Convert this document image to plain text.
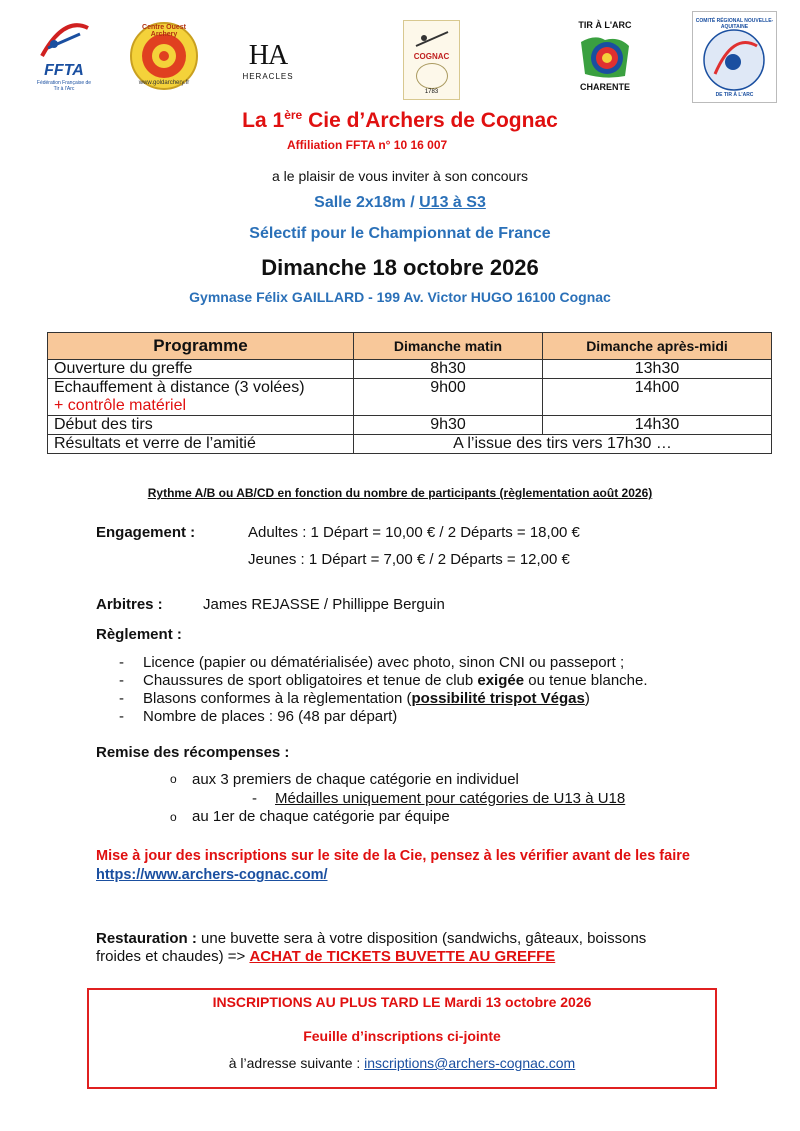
FFTA
Fédération Française de Tir à l'Arc
Centre Ouest Archery
www.goldarchery.fr
HA
HERACLES
COGNAC
1783
TIR À L'ARC
CHARENTE
COMITÉ RÉGIONAL NOUVELLE-AQUITAINE
DE TIR À L'ARC
La 1ère Cie d’Archers de Cognac
Affiliation FFTA n° 10 16 007
a le plaisir de vous inviter à son concours
Salle 2x18m / U13 à S3
Sélectif pour le Championnat de France
Dimanche 18 octobre 2026
Gymnase Félix GAILLARD - 199 Av. Victor HUGO 16100 Cognac
Programme	Dimanche matin	Dimanche après-midi
Ouverture du greffe	8h30	13h30

Echauffement à distance (3 volées)
+ contrôle matériel	9h00	14h00
Début des tirs	9h30	14h30
Résultats et verre de l’amitié	A l’issue des tirs vers 17h30 …	
Rythme A/B ou AB/CD en fonction du nombre de participants (règlementation août 2026)
Engagement :	Adultes : 1 Départ = 10,00 € / 2 Départs = 18,00 €
Jeunes : 1 Départ = 7,00 € / 2 Départs = 12,00 €
Arbitres :	James REJASSE / Phillippe Berguin
Règlement :
- Licence (papier ou dématérialisée) avec photo, sinon CNI ou passeport ;
- Chaussures de sport obligatoires et tenue de club exigée ou tenue blanche.
- Blasons conformes à la règlementation (possibilité trispot Végas)
- Nombre de places : 96 (48 par départ)
Remise des récompenses :
o aux 3 premiers de chaque catégorie en individuel
- Médailles uniquement pour catégories de U13 à U18
o au 1er de chaque catégorie par équipe
Mise à jour des inscriptions sur le site de la Cie, pensez à les vérifier avant de les faire
https://www.archers-cognac.com/
Restauration : une buvette sera à votre disposition (sandwichs, gâteaux, boissons
froides et chaudes) => ACHAT de TICKETS BUVETTE AU GREFFE
INSCRIPTIONS AU PLUS TARD LE Mardi 13 octobre 2026
Feuille d’inscriptions ci-jointe
à l’adresse suivante : inscriptions@archers-cognac.com
